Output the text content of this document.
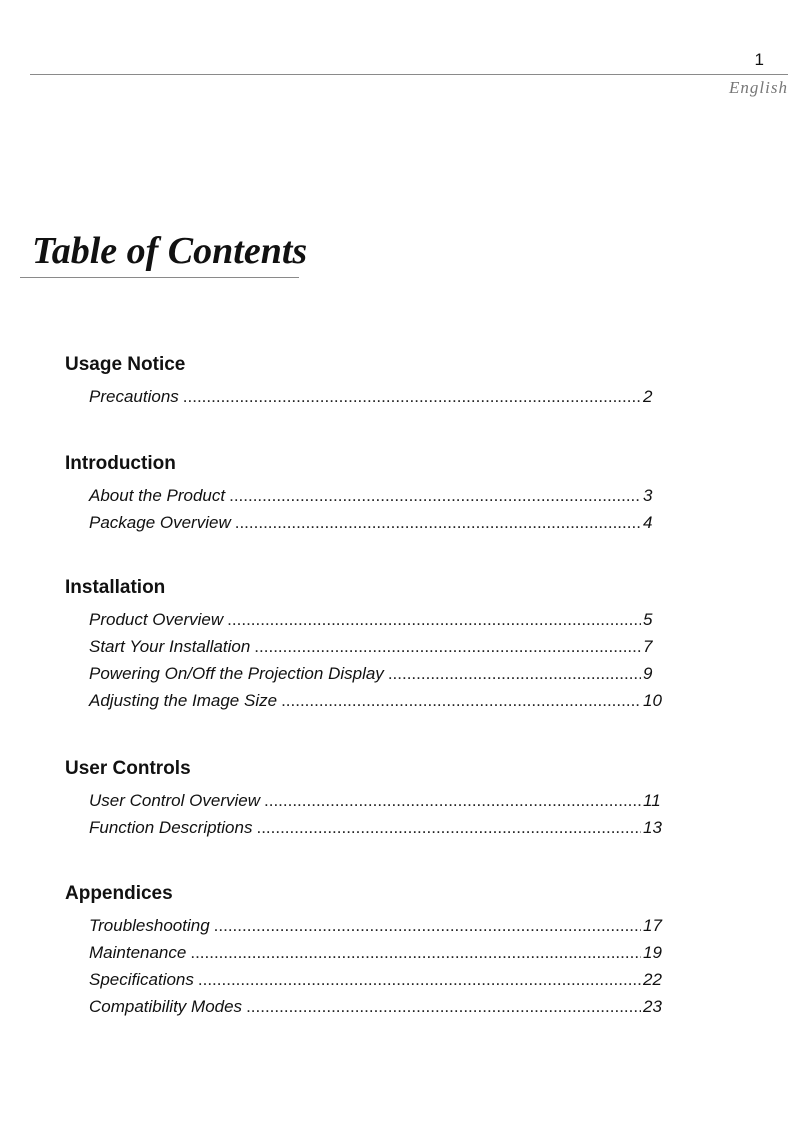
1
English
Table of Contents
Usage Notice
Precautions .....	2
Introduction
About the Product .....	3
Package Overview .....	4
Installation
Product Overview .....	5
Start Your Installation .....	7
Powering On/Off the Projection Display .....	9
Adjusting the Image Size .....	10
User Controls
User Control Overview .....	11
Function Descriptions .....	13
Appendices
Troubleshooting .....	17
Maintenance .....	19
Specifications .....	22
Compatibility Modes .....	23
